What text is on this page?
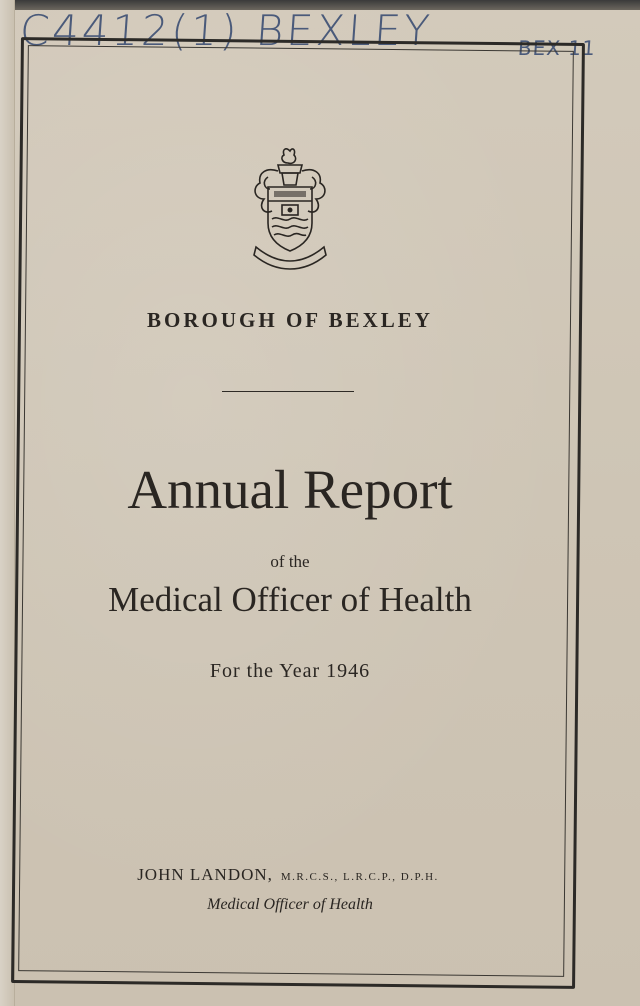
C4412(1) BEXLEY	BEX 11
BOROUGH OF BEXLEY
Annual Report
of the
Medical Officer of Health
For the Year 1946
JOHN LANDON, M.R.C.S., L.R.C.P., D.P.H.
Medical Officer of Health
